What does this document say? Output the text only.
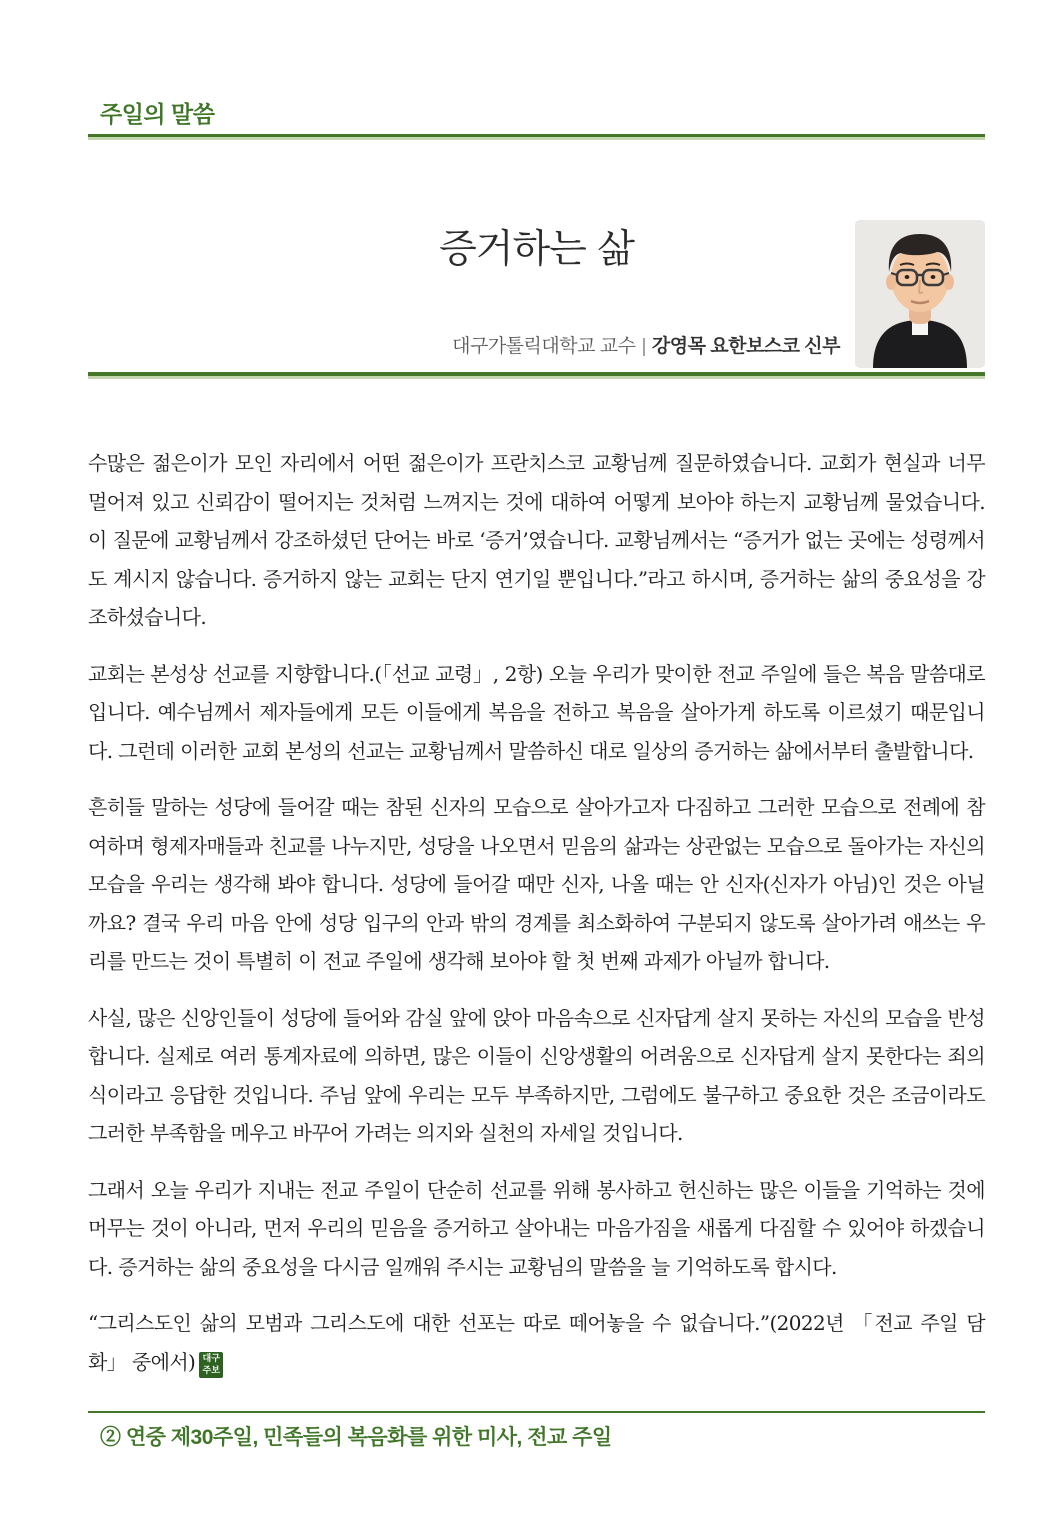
주일의 말씀
증거하는 삶
대구가톨릭대학교 교수 | 강영목 요한보스코 신부

수많은 젊은이가 모인 자리에서 어떤 젊은이가 프란치스코 교황님께 질문하였습니다. 교회가 현실과 너무 멀어져 있고 신뢰감이 떨어지는 것처럼 느껴지는 것에 대하여 어떻게 보아야 하는지 교황님께 물었습니다. 이 질문에 교황님께서 강조하셨던 단어는 바로 ‘증거’였습니다. 교황님께서는 “증거가 없는 곳에는 성령께서도 계시지 않습니다. 증거하지 않는 교회는 단지 연기일 뿐입니다.”라고 하시며, 증거하는 삶의 중요성을 강조하셨습니다.

교회는 본성상 선교를 지향합니다.(「선교 교령」, 2항) 오늘 우리가 맞이한 전교 주일에 들은 복음 말씀대로 입니다. 예수님께서 제자들에게 모든 이들에게 복음을 전하고 복음을 살아가게 하도록 이르셨기 때문입니다. 그런데 이러한 교회 본성의 선교는 교황님께서 말씀하신 대로 일상의 증거하는 삶에서부터 출발합니다.

흔히들 말하는 성당에 들어갈 때는 참된 신자의 모습으로 살아가고자 다짐하고 그러한 모습으로 전례에 참여하며 형제자매들과 친교를 나누지만, 성당을 나오면서 믿음의 삶과는 상관없는 모습으로 돌아가는 자신의 모습을 우리는 생각해 봐야 합니다. 성당에 들어갈 때만 신자, 나올 때는 안 신자(신자가 아님)인 것은 아닐까요? 결국 우리 마음 안에 성당 입구의 안과 밖의 경계를 최소화하여 구분되지 않도록 살아가려 애쓰는 우리를 만드는 것이 특별히 이 전교 주일에 생각해 보아야 할 첫 번째 과제가 아닐까 합니다.

사실, 많은 신앙인들이 성당에 들어와 감실 앞에 앉아 마음속으로 신자답게 살지 못하는 자신의 모습을 반성합니다. 실제로 여러 통계자료에 의하면, 많은 이들이 신앙생활의 어려움으로 신자답게 살지 못한다는 죄의식이라고 응답한 것입니다. 주님 앞에 우리는 모두 부족하지만, 그럼에도 불구하고 중요한 것은 조금이라도 그러한 부족함을 메우고 바꾸어 가려는 의지와 실천의 자세일 것입니다.

그래서 오늘 우리가 지내는 전교 주일이 단순히 선교를 위해 봉사하고 헌신하는 많은 이들을 기억하는 것에 머무는 것이 아니라, 먼저 우리의 믿음을 증거하고 살아내는 마음가짐을 새롭게 다짐할 수 있어야 하겠습니다. 증거하는 삶의 중요성을 다시금 일깨워 주시는 교황님의 말씀을 늘 기억하도록 합시다.

“그리스도인 삶의 모범과 그리스도에 대한 선포는 따로 떼어놓을 수 없습니다.”(2022년 「전교 주일 담화」 중에서) 대구
주보

② 연중 제30주일, 민족들의 복음화를 위한 미사, 전교 주일
